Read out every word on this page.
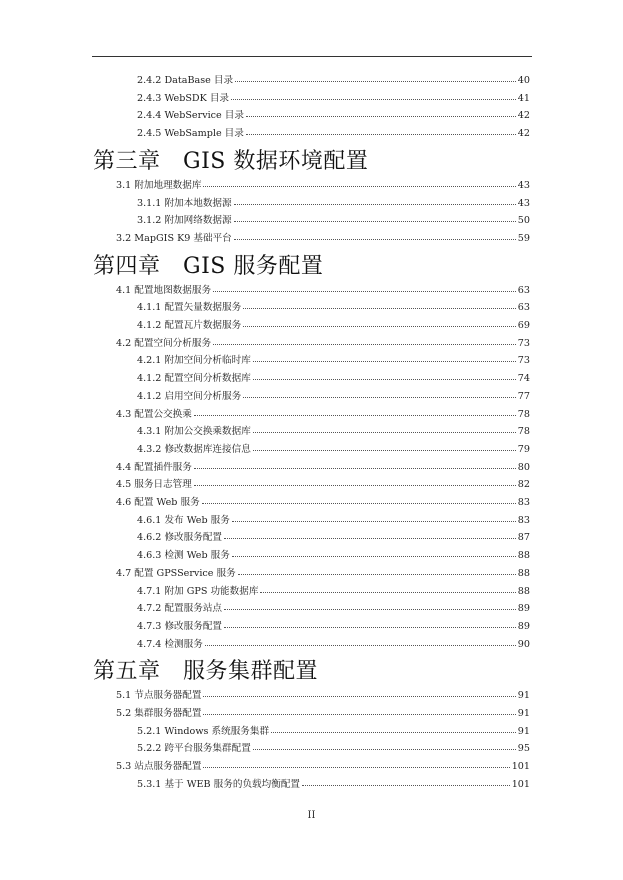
2.4.2 DataBase 目录	40
2.4.3 WebSDK 目录	41
2.4.4 WebService 目录	42
2.4.5 WebSample 目录	42
第三章　GIS 数据环境配置
3.1 附加地理数据库	43
3.1.1 附加本地数据源	43
3.1.2 附加网络数据源	50
3.2 MapGIS K9 基础平台	59
第四章　GIS 服务配置
4.1 配置地图数据服务	63
4.1.1 配置矢量数据服务	63
4.1.2 配置瓦片数据服务	69
4.2 配置空间分析服务	73
4.2.1 附加空间分析临时库	73
4.1.2 配置空间分析数据库	74
4.1.2 启用空间分析服务	77
4.3 配置公交换乘	78
4.3.1 附加公交换乘数据库	78
4.3.2 修改数据库连接信息	79
4.4 配置插件服务	80
4.5 服务日志管理	82
4.6 配置 Web 服务	83
4.6.1 发布 Web 服务	83
4.6.2 修改服务配置	87
4.6.3 检测 Web 服务	88
4.7 配置 GPSService 服务	88
4.7.1 附加 GPS 功能数据库	88
4.7.2 配置服务站点	89
4.7.3 修改服务配置	89
4.7.4 检测服务	90
第五章　服务集群配置
5.1 节点服务器配置	91
5.2 集群服务器配置	91
5.2.1 Windows 系统服务集群	91
5.2.2 跨平台服务集群配置	95
5.3 站点服务器配置	101
5.3.1 基于 WEB 服务的负载均衡配置	101
II
